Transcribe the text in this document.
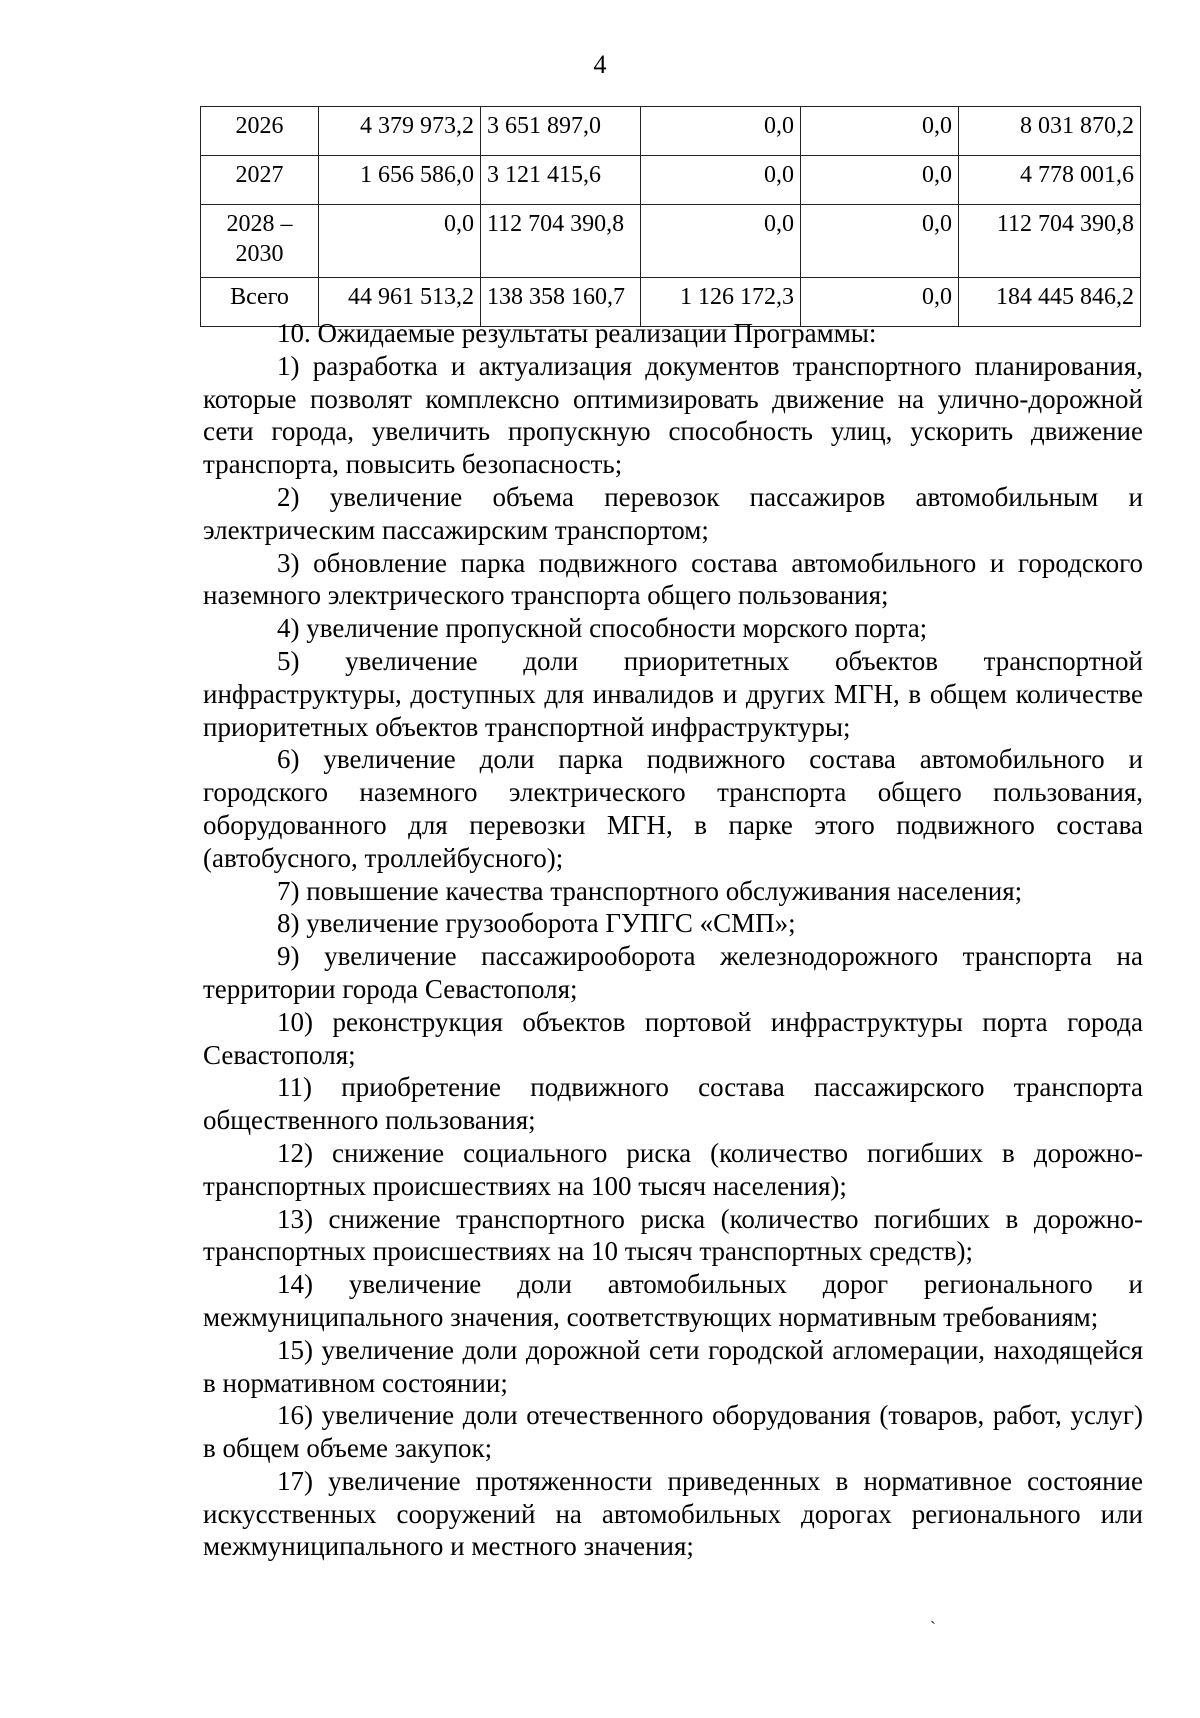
4
2026	4 379 973,2	3 651 897,0	0,0	0,0	8 031 870,2
2027	1 656 586,0	3 121 415,6	0,0	0,0	4 778 001,6
2028 – 2030	0,0	112 704 390,8	0,0	0,0	112 704 390,8
Всего	44 961 513,2	138 358 160,7	1 126 172,3	0,0	184 445 846,2

10. Ожидаемые результаты реализации Программы:

1) разработка и актуализация документов транспортного планирования, которые позволят комплексно оптимизировать движение на улично-дорожной сети города, увеличить пропускную способность улиц, ускорить движение транспорта, повысить безопасность;

2) увеличение объема перевозок пассажиров автомобильным и электрическим пассажирским транспортом;

3) обновление парка подвижного состава автомобильного и городского наземного электрического транспорта общего пользования;

4) увеличение пропускной способности морского порта;

5) увеличение доли приоритетных объектов транспортной инфраструктуры, доступных для инвалидов и других МГН, в общем количестве приоритетных объектов транспортной инфраструктуры;

6) увеличение доли парка подвижного состава автомобильного и городского наземного электрического транспорта общего пользования, оборудованного для перевозки МГН, в парке этого подвижного состава (автобусного, троллейбусного);

7) повышение качества транспортного обслуживания населения;

8) увеличение грузооборота ГУПГС «СМП»;

9) увеличение пассажирооборота железнодорожного транспорта на территории города Севастополя;

10) реконструкция объектов портовой инфраструктуры порта города Севастополя;

11) приобретение подвижного состава пассажирского транспорта общественного пользования;

12) снижение социального риска (количество погибших в дорожно-транспортных происшествиях на 100 тысяч населения);

13) снижение транспортного риска (количество погибших в дорожно-транспортных происшествиях на 10 тысяч транспортных средств);

14) увеличение доли автомобильных дорог регионального и межмуниципального значения, соответствующих нормативным требованиям;

15) увеличение доли дорожной сети городской агломерации, находящейся в нормативном состоянии;

16) увеличение доли отечественного оборудования (товаров, работ, услуг) в общем объеме закупок;

17) увеличение протяженности приведенных в нормативное состояние искусственных сооружений на автомобильных дорогах регионального или межмуниципального и местного значения;

ˋ
